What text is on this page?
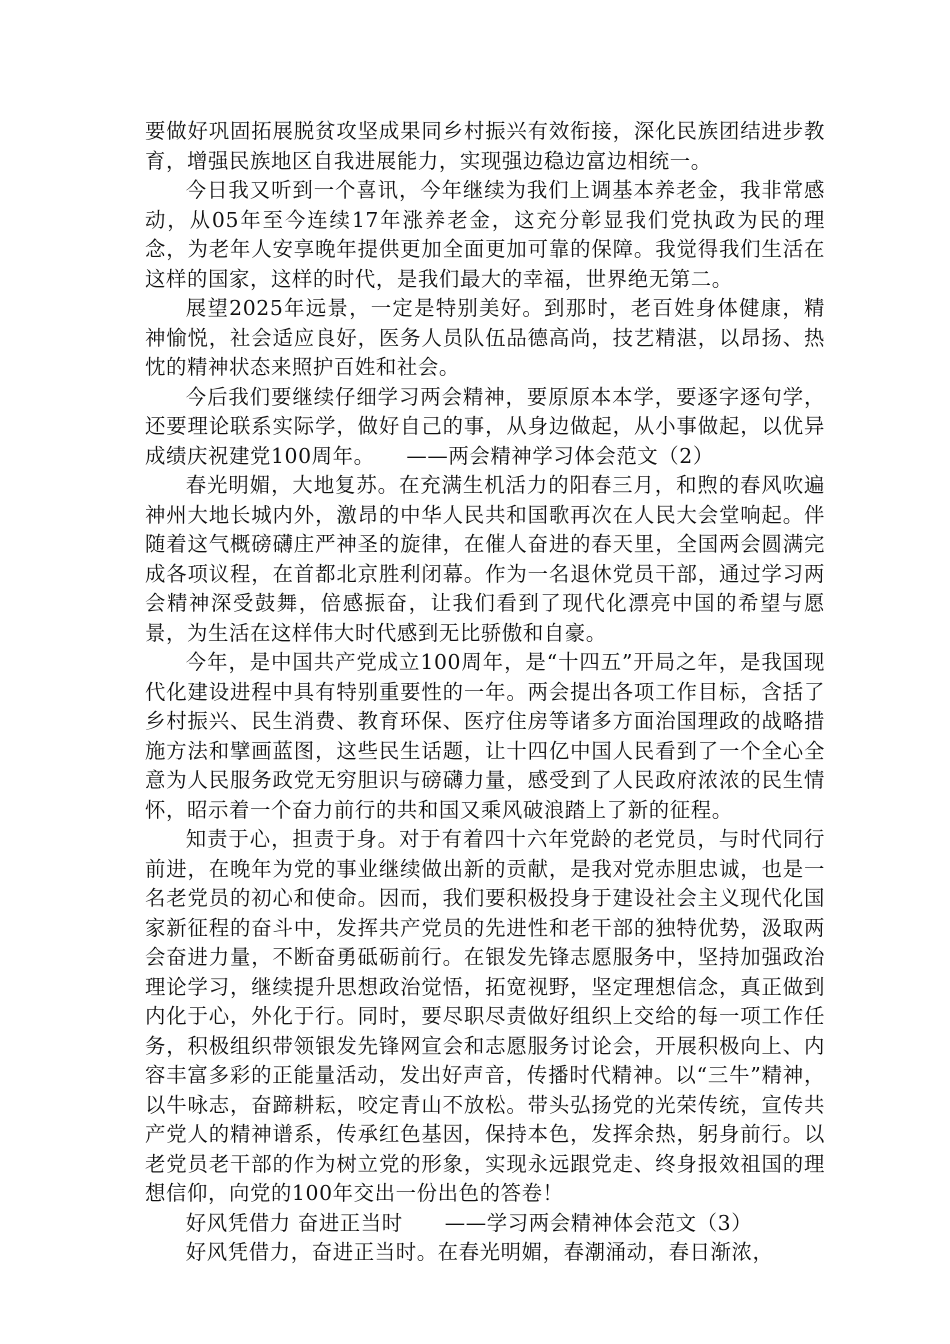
要做好巩固拓展脱贫攻坚成果同乡村振兴有效衔接，深化民族团结进步教育，增强民族地区自我进展能力，实现强边稳边富边相统一。

今日我又听到一个喜讯，今年继续为我们上调基本养老金，我非常感动，从05年至今连续17年涨养老金，这充分彰显我们党执政为民的理念，为老年人安享晚年提供更加全面更加可靠的保障。我觉得我们生活在这样的国家，这样的时代，是我们最大的幸福，世界绝无第二。

展望2025年远景，一定是特别美好。到那时，老百姓身体健康，精神愉悦，社会适应良好，医务人员队伍品德高尚，技艺精湛，以昂扬、热忱的精神状态来照护百姓和社会。

今后我们要继续仔细学习两会精神，要原原本本学，要逐字逐句学，还要理论联系实际学，做好自己的事，从身边做起，从小事做起，以优异成绩庆祝建党100周年。　　——两会精神学习体会范文（2）

春光明媚，大地复苏。在充满生机活力的阳春三月，和煦的春风吹遍神州大地长城内外，激昂的中华人民共和国歌再次在人民大会堂响起。伴随着这气概磅礴庄严神圣的旋律，在催人奋进的春天里，全国两会圆满完成各项议程，在首都北京胜利闭幕。作为一名退休党员干部，通过学习两会精神深受鼓舞，倍感振奋，让我们看到了现代化漂亮中国的希望与愿景，为生活在这样伟大时代感到无比骄傲和自豪。

今年，是中国共产党成立100周年，是“十四五”开局之年，是我国现代化建设进程中具有特别重要性的一年。两会提出各项工作目标，含括了乡村振兴、民生消费、教育环保、医疗住房等诸多方面治国理政的战略措施方法和擘画蓝图，这些民生话题，让十四亿中国人民看到了一个全心全意为人民服务政党无穷胆识与磅礴力量，感受到了人民政府浓浓的民生情怀，昭示着一个奋力前行的共和国又乘风破浪踏上了新的征程。

知责于心，担责于身。对于有着四十六年党龄的老党员，与时代同行前进，在晚年为党的事业继续做出新的贡献，是我对党赤胆忠诚，也是一名老党员的初心和使命。因而，我们要积极投身于建设社会主义现代化国家新征程的奋斗中，发挥共产党员的先进性和老干部的独特优势，汲取两会奋进力量，不断奋勇砥砺前行。在银发先锋志愿服务中，坚持加强政治理论学习，继续提升思想政治觉悟，拓宽视野，坚定理想信念，真正做到内化于心，外化于行。同时，要尽职尽责做好组织上交给的每一项工作任务，积极组织带领银发先锋网宣会和志愿服务讨论会，开展积极向上、内容丰富多彩的正能量活动，发出好声音，传播时代精神。以“三牛”精神，以牛咏志，奋蹄耕耘，咬定青山不放松。带头弘扬党的光荣传统，宣传共产党人的精神谱系，传承红色基因，保持本色，发挥余热，躬身前行。以老党员老干部的作为树立党的形象，实现永远跟党走、终身报效祖国的理想信仰，向党的100年交出一份出色的答卷！

好风凭借力 奋进正当时　　——学习两会精神体会范文（3）

好风凭借力，奋进正当时。在春光明媚，春潮涌动，春日渐浓，
